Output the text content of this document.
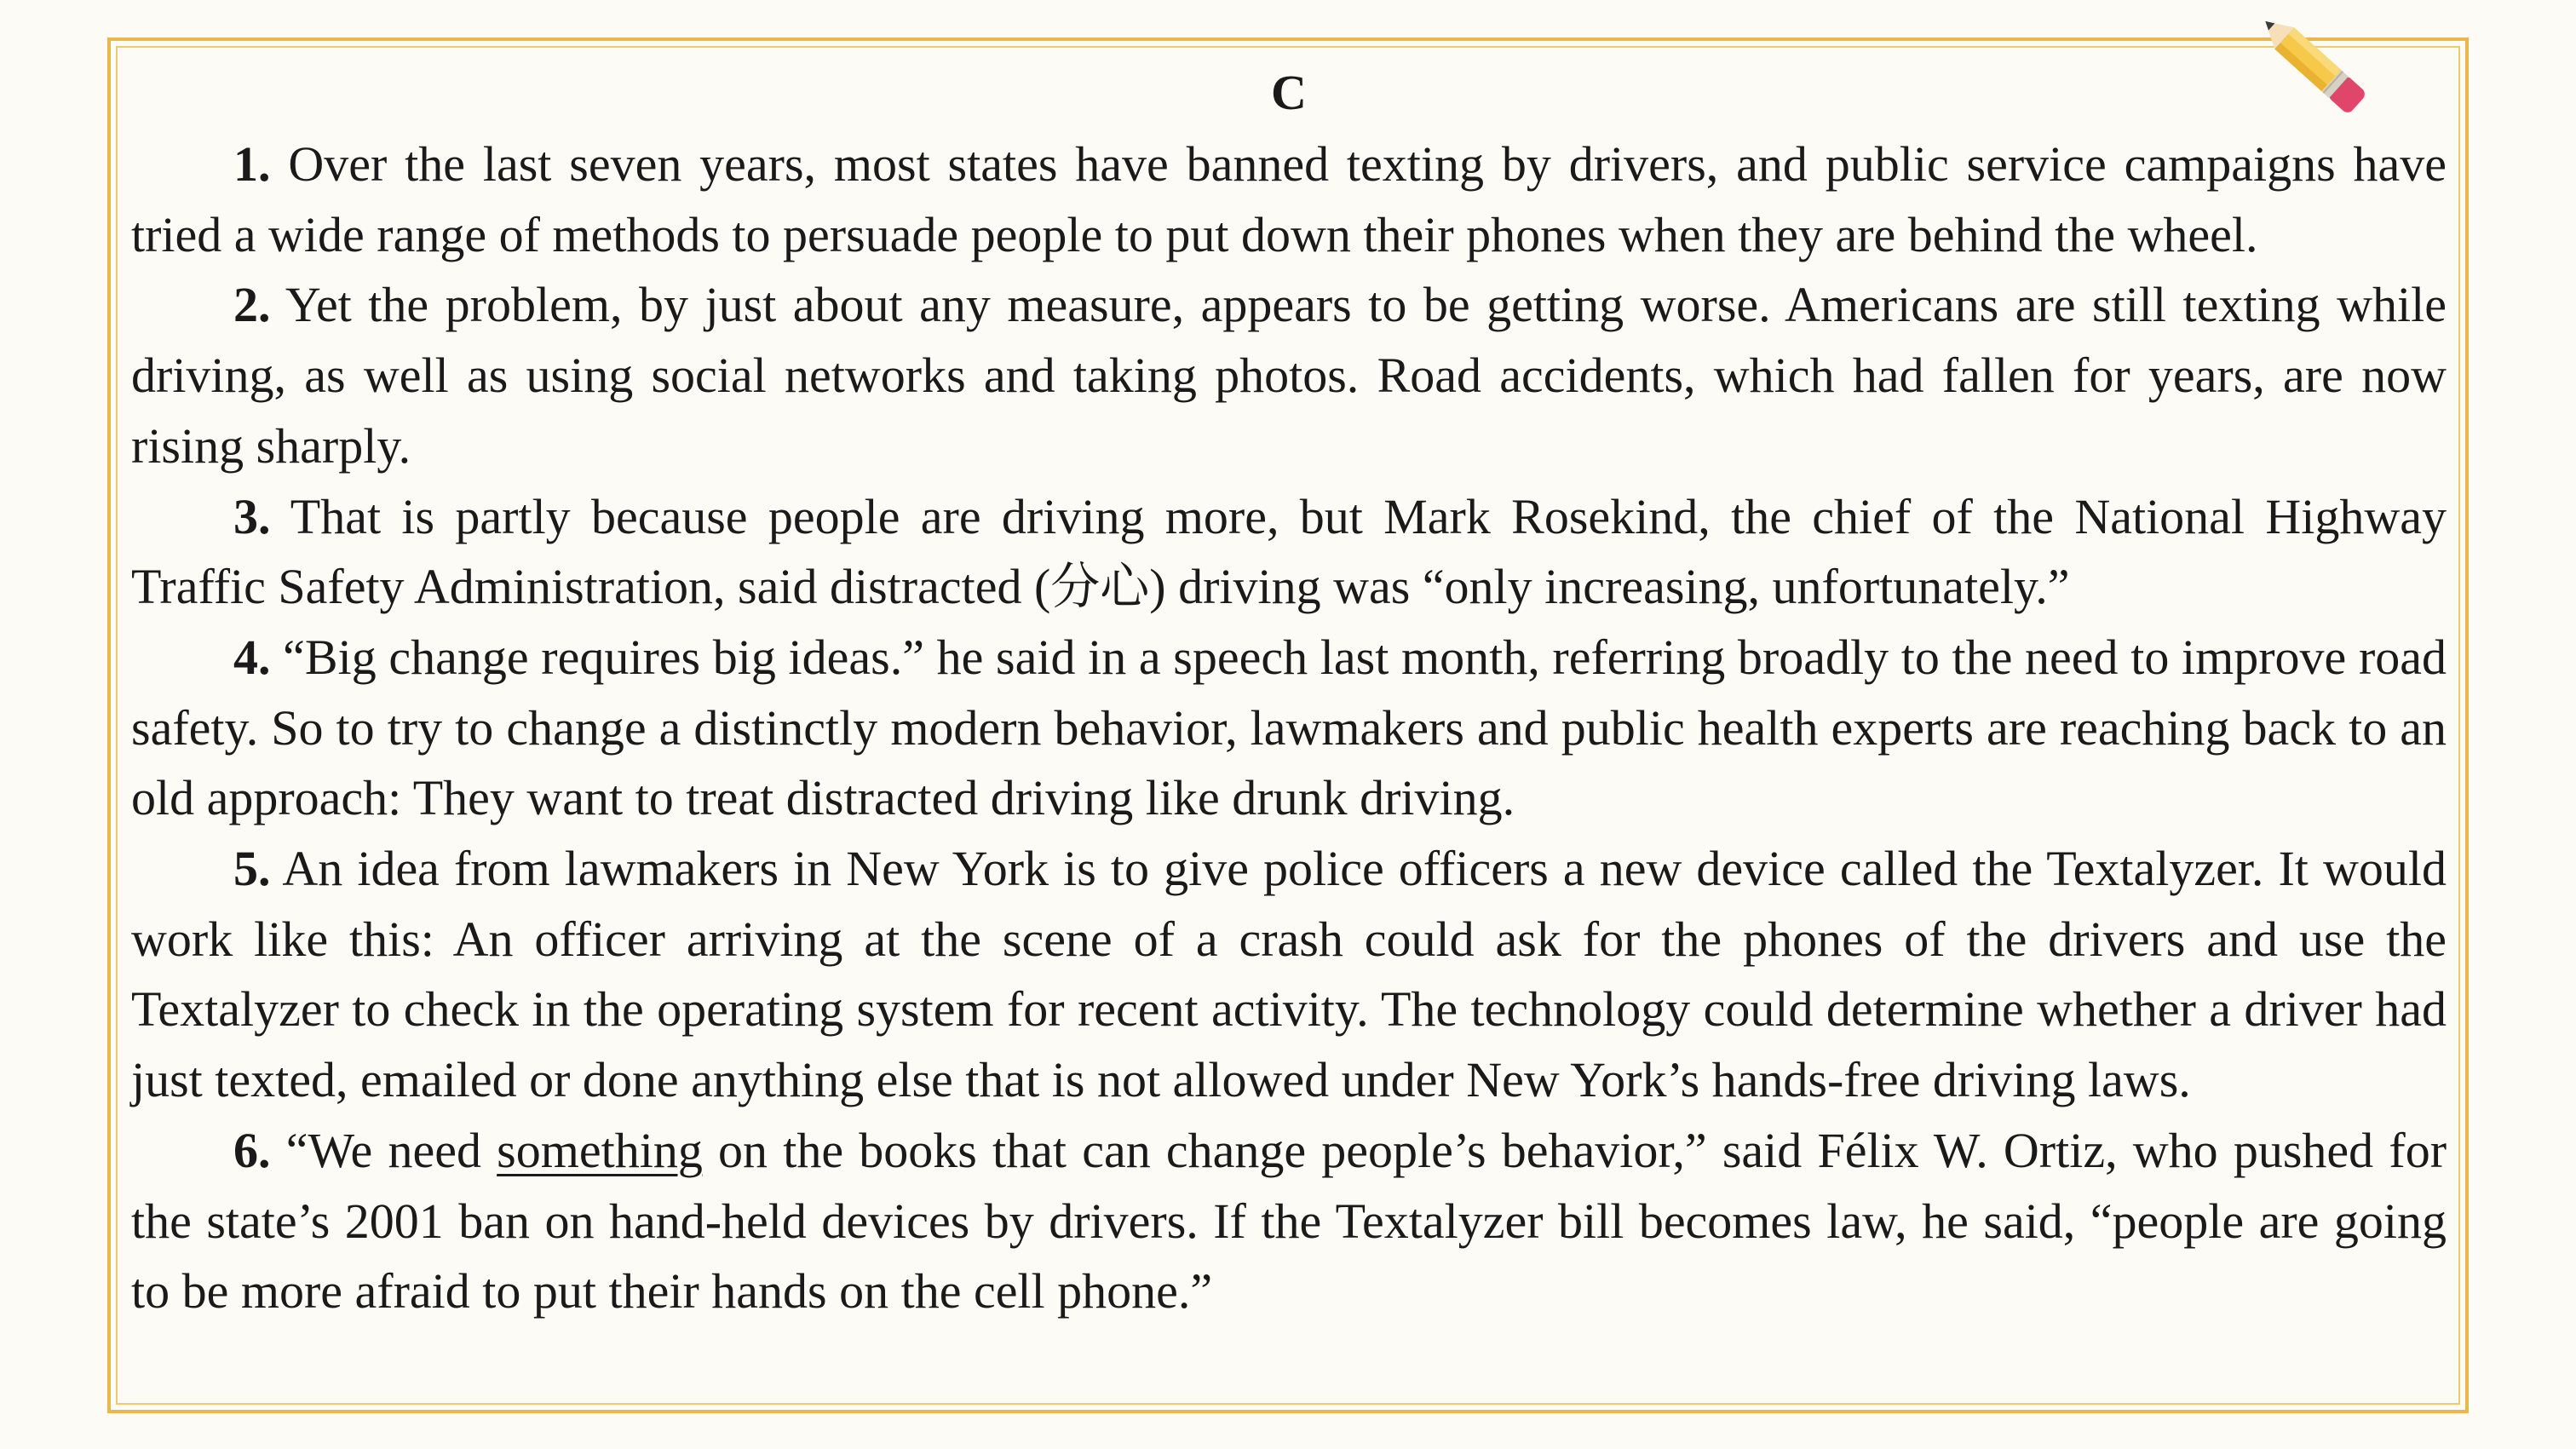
C

1. Over the last seven years, most states have banned texting by drivers, and public service campaigns have tried a wide range of methods to persuade people to put down their phones when they are behind the wheel.

2. Yet the problem, by just about any measure, appears to be getting worse. Americans are still texting while driving, as well as using social networks and taking photos. Road accidents, which had fallen for years, are now rising sharply.

3. That is partly because people are driving more, but Mark Rosekind, the chief of the National Highway Traffic Safety Administration, said distracted (分心) driving was “only increasing, unfortunately.”

4. “Big change requires big ideas.” he said in a speech last month, referring broadly to the need to improve road safety. So to try to change a distinctly modern behavior, lawmakers and public health experts are reaching back to an old approach: They want to treat distracted driving like drunk driving.

5. An idea from lawmakers in New York is to give police officers a new device called the Textalyzer. It would work like this: An officer arriving at the scene of a crash could ask for the phones of the drivers and use the Textalyzer to check in the operating system for recent activity. The technology could determine whether a driver had just texted, emailed or done anything else that is not allowed under New York’s hands-free driving laws.

6. “We need something on the books that can change people’s behavior,” said Félix W. Ortiz, who pushed for the state’s 2001 ban on hand-held devices by drivers. If the Textalyzer bill becomes law, he said, “people are going to be more afraid to put their hands on the cell phone.”
